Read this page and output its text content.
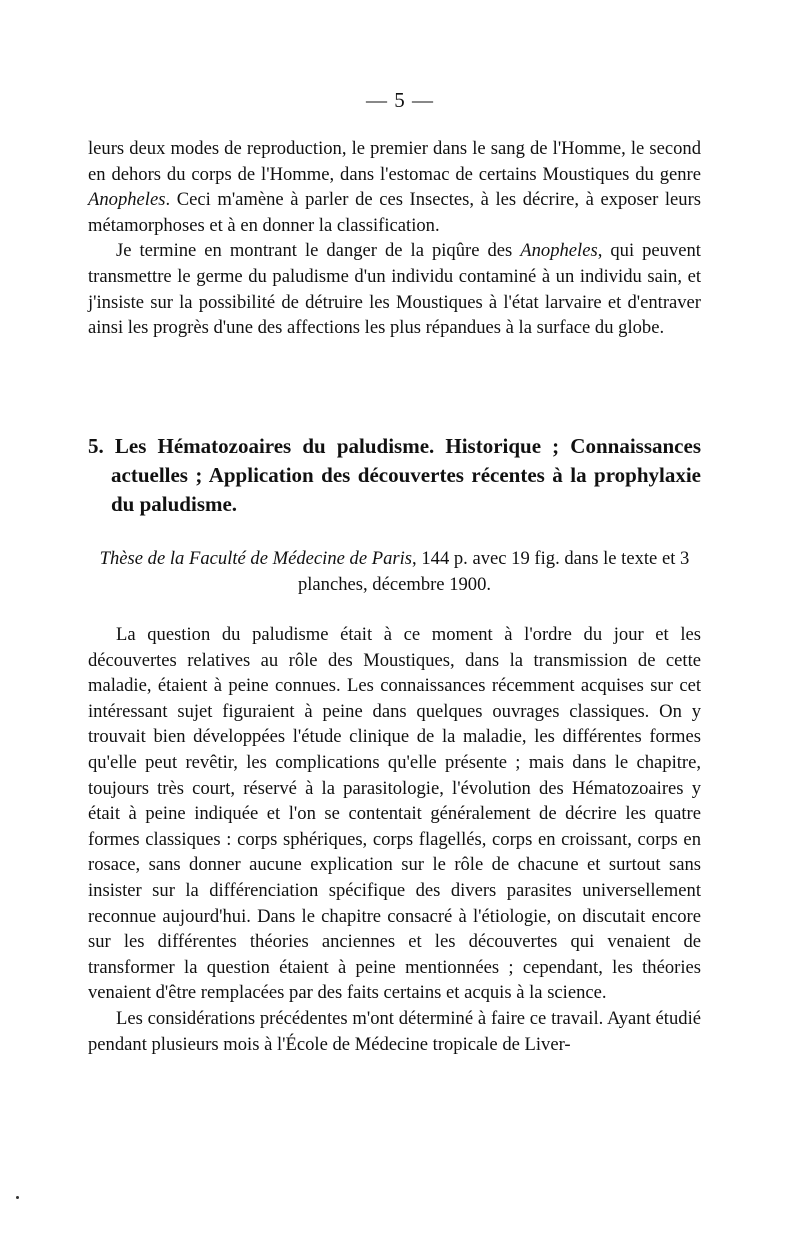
— 5 —

leurs deux modes de reproduction, le premier dans le sang de l'Homme, le second en dehors du corps de l'Homme, dans l'estomac de certains Moustiques du genre Anopheles. Ceci m'amène à parler de ces Insectes, à les décrire, à exposer leurs métamorphoses et à en donner la classification.

Je termine en montrant le danger de la piqûre des Anopheles, qui peuvent transmettre le germe du paludisme d'un individu contaminé à un individu sain, et j'insiste sur la possibilité de détruire les Moustiques à l'état larvaire et d'entraver ainsi les progrès d'une des affections les plus répandues à la surface du globe.

5. Les Hématozoaires du paludisme. Historique ; Connaissances actuelles ; Application des découvertes récentes à la prophylaxie du paludisme.
Thèse de la Faculté de Médecine de Paris, 144 p. avec 19 fig. dans le texte et 3 planches, décembre 1900.

La question du paludisme était à ce moment à l'ordre du jour et les découvertes relatives au rôle des Moustiques, dans la transmission de cette maladie, étaient à peine connues. Les connaissances récemment acquises sur cet intéressant sujet figuraient à peine dans quelques ouvrages classiques. On y trouvait bien développées l'étude clinique de la maladie, les différentes formes qu'elle peut revêtir, les complications qu'elle présente ; mais dans le chapitre, toujours très court, réservé à la parasitologie, l'évolution des Hématozoaires y était à peine indiquée et l'on se contentait généralement de décrire les quatre formes classiques : corps sphériques, corps flagellés, corps en croissant, corps en rosace, sans donner aucune explication sur le rôle de chacune et surtout sans insister sur la différenciation spécifique des divers parasites universellement reconnue aujourd'hui. Dans le chapitre consacré à l'étiologie, on discutait encore sur les différentes théories anciennes et les découvertes qui venaient de transformer la question étaient à peine mentionnées ; cependant, les théories venaient d'être remplacées par des faits certains et acquis à la science.

Les considérations précédentes m'ont déterminé à faire ce travail. Ayant étudié pendant plusieurs mois à l'École de Médecine tropicale de Liver-
